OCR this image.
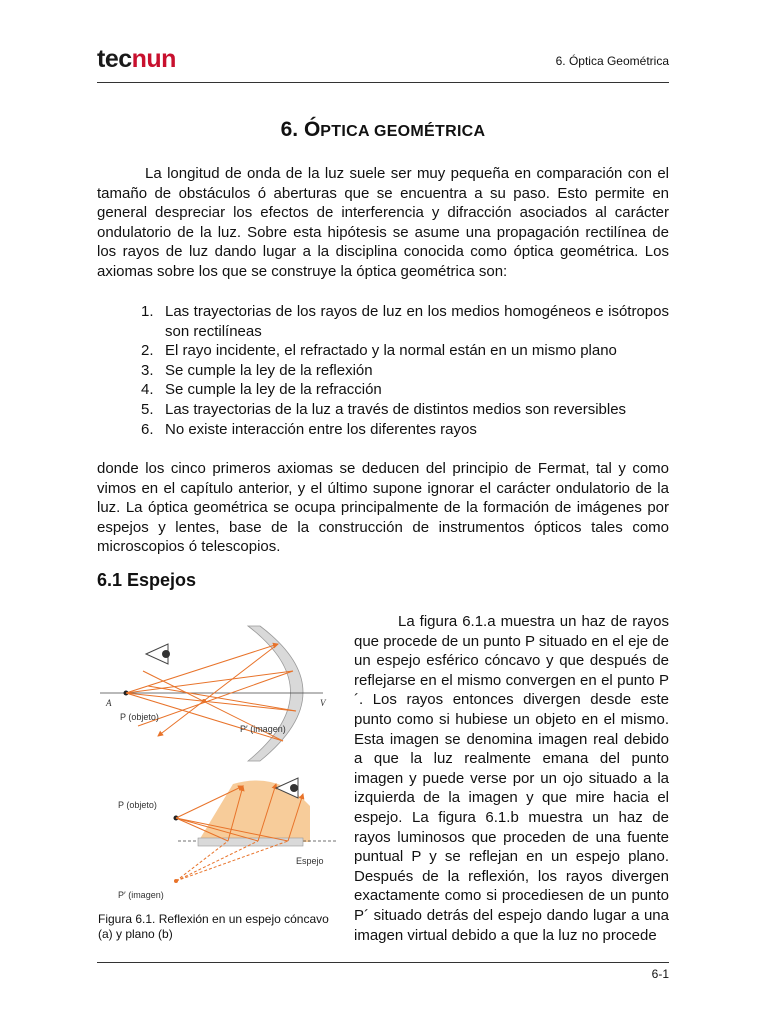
tecnun	6. Óptica Geométrica
6. ÓPTICA GEOMÉTRICA

La longitud de onda de la luz suele ser muy pequeña en comparación con el tamaño de obstáculos ó aberturas que se encuentra a su paso. Esto permite en general despreciar los efectos de interferencia y difracción asociados al carácter ondulatorio de la luz. Sobre esta hipótesis se asume una propagación rectilínea de los rayos de luz dando lugar a la disciplina conocida como óptica geométrica. Los axiomas sobre los que se construye la óptica geométrica son:

1. Las trayectorias de los rayos de luz en los medios homogéneos e isótropos son rectilíneas
2. El rayo incidente, el refractado y la normal están en un mismo plano
3. Se cumple la ley de la reflexión
4. Se cumple la ley de la refracción
5. Las trayectorias de la luz a través de distintos medios son reversibles
6. No existe interacción entre los diferentes rayos

donde los cinco primeros axiomas se deducen del principio de Fermat, tal y como vimos en el capítulo anterior, y el último supone ignorar el carácter ondulatorio de la luz. La óptica geométrica se ocupa principalmente de la formación de imágenes por espejos y lentes, base de la construcción de instrumentos ópticos tales como microscopios ó telescopios.

6.1 Espejos
A
P (objeto)
P′ (imagen)
V
P (objeto)
P′ (imagen)
Espejo
Figura 6.1. Reflexión en un espejo cóncavo (a) y plano (b)

La figura 6.1.a muestra un haz de rayos que procede de un punto P situado en el eje de un espejo esférico cóncavo y que después de reflejarse en el mismo convergen en el punto P´. Los rayos entonces divergen desde este punto como si hubiese un objeto en el mismo. Esta imagen se denomina imagen real debido a que la luz realmente emana del punto imagen y puede verse por un ojo situado a la izquierda de la imagen y que mire hacia el espejo. La figura 6.1.b muestra un haz de rayos luminosos que proceden de una fuente puntual P y se reflejan en un espejo plano. Después de la reflexión, los rayos divergen exactamente como si procediesen de un punto P´ situado detrás del espejo dando lugar a una imagen virtual debido a que la luz no procede

6-1
